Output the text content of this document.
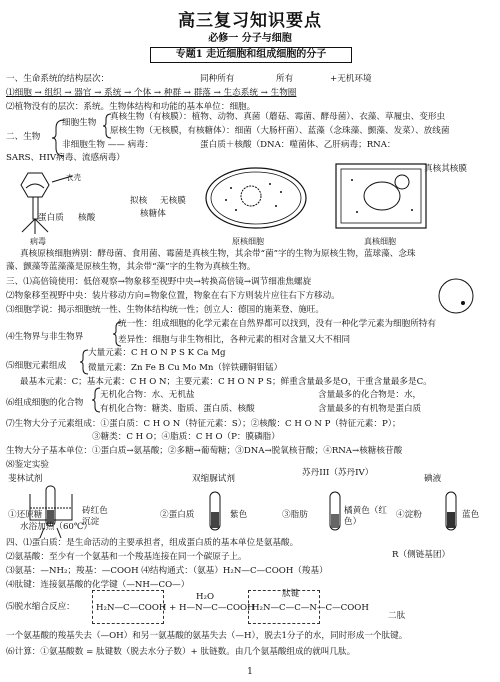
高三复习知识要点
必修一 分子与细胞
专题1 走近细胞和组成细胞的分子
一、生命系统的结构层次：	同种所有	所有	+无机环境
⑴细胞 → 组织 → 器官 → 系统 → 个体 → 种群 → 群落 → 生态系统 → 生物圈
⑵植物没有的层次：系统。生物体结构和功能的基本单位：细胞。
二、生物
细胞生物
真核生物（有核膜）：植物、动物、真菌（蘑菇、霉菌、酵母菌）、衣藻、草履虫、变形虫
原核生物（无核膜，有核糖体）：细菌（大肠杆菌）、蓝藻（念珠藻、颤藻、发菜）、放线菌
非细胞生物 —— 病毒：	蛋白质＋核酸（DNA：噬菌体、乙肝病毒；RNA：
SARS、HIV病毒、流感病毒）
衣壳
蛋白质 核酸
拟核 无核膜
核糖体
真核其核膜
病毒	原核细胞	真核细胞
真核原核细胞辨别：酵母菌、食用菌、霉菌是真核生物，其余带“菌”字的生物为原核生物，蓝球藻、念珠
藻、颤藻等蓝藻藻是原核生物，其余带“藻”字的生物为真核生物。
三、⑴高倍镜使用：低倍观察→物象移至视野中央→转换高倍镜→调节细准焦螺旋
⑵物象移至视野中央：装片移动方向=物象位置，物象在右下方则装片应往右下方移动。
⑶细胞学说：揭示细胞统一性、生物体结构统一性；创立人：德国的施莱登、施旺。
⑷生物界与非生物界
统一性：组成细胞的化学元素在自然界都可以找到，没有一种化学元素为细胞所特有
差异性：细胞与非生物相比，各种元素的相对含量又大不相同
⑸细胞元素组成
大量元素：C H O N P S K Ca Mg
微量元素：Zn Fe B Cu Mo Mn（锌铁硼铜钼锰）
最基本元素：C；基本元素：C H O N；主要元素：C H O N P S；鲜重含量最多是O，干重含量最多是C。
⑹组成细胞的化合物
无机化合物：水、无机盐	含量最多的化合物是：水，
有机化合物：糖类、脂质、蛋白质、核酸	含量最多的有机物是蛋白质
⑺生物大分子元素组成：①蛋白质：C H O N（特征元素：S）；②核酸：C H O N P（特征元素：P）；
③糖类：C H O；④脂质：C H O（P：膜磷脂）
生物大分子基本单位：①蛋白质→氨基酸；②多糖→葡萄糖；③DNA→脱氧核苷酸；④RNA→核糖核苷酸
⑻鉴定实验
斐林试剂	双缩脲试剂
苏丹III（苏丹IV）
碘液
①还原糖
水浴加热（60℃）
砖红色沉淀
②蛋白质	紫色	③脂肪	橘黄色（红色）
④淀粉	蓝色
四、⑴蛋白质：是生命活动的主要承担者，组成蛋白质的基本单位是氨基酸。
⑵氨基酸：至少有一个氨基和一个羧基连接在同一个碳原子上。	R（侧链基团）
⑶氨基：—NH₂；羧基：—COOH ⑷结构通式：（氨基）H₂N—C—COOH（羧基）
⑷肽键：连接氨基酸的化学键（—NH—CO—）
⑸脱水缩合反应： H₂N—C—COOH + H—N—C—COOH
H₂O
H₂N—C—C—N—C—COOH
肽键
二肽
一个氨基酸的羧基失去（—OH）和另一氨基酸的氨基失去（—H），脱去1分子的水，同时形成一个肽键。
⑹计算：①氨基酸数 = 肽键数（脱去水分子数）+ 肽链数。由几个氨基酸组成的就叫几肽。
1
